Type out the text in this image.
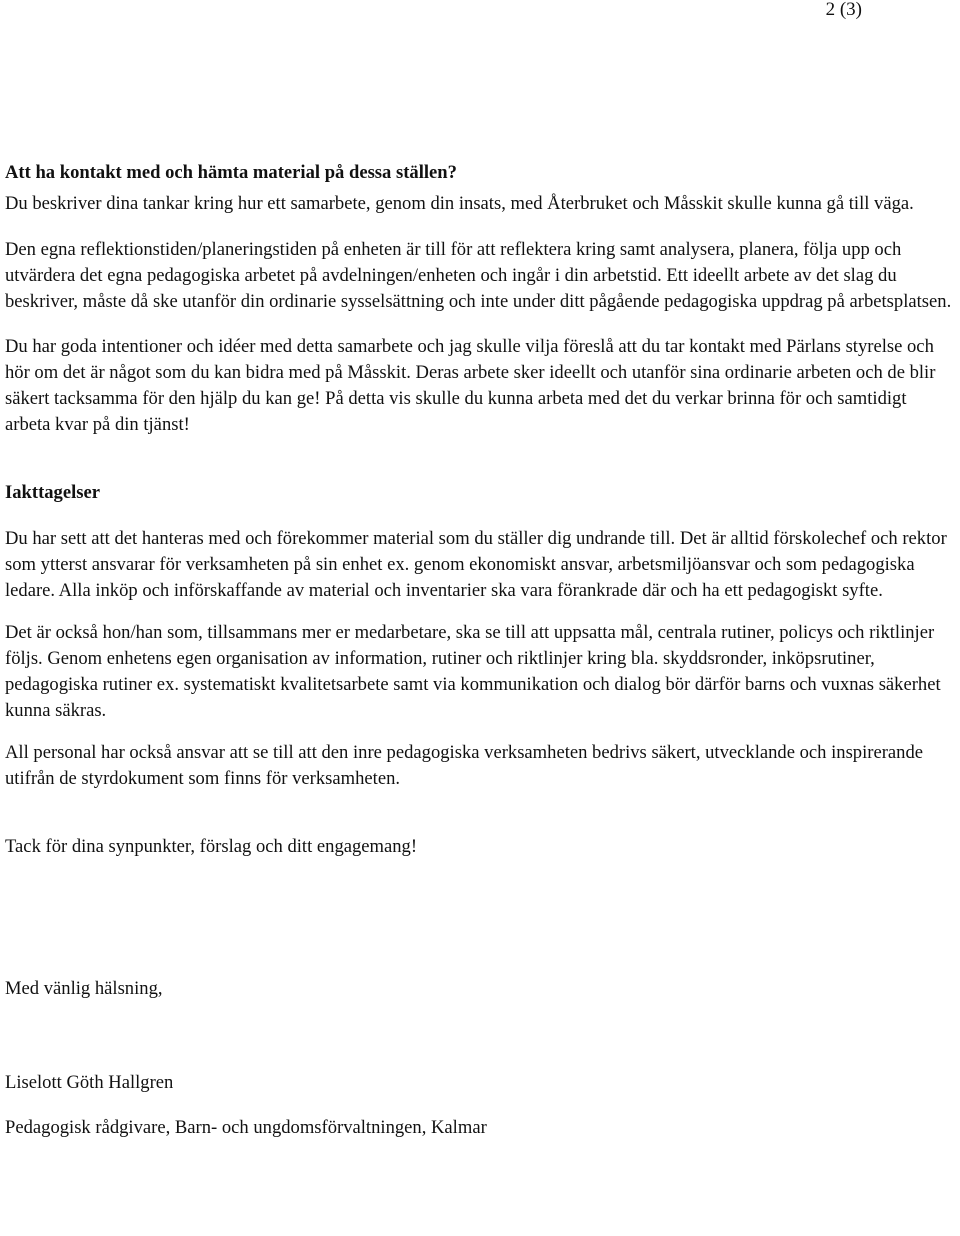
2 (3)

Att ha kontakt med och hämta material på dessa ställen?

Du beskriver dina tankar kring hur ett samarbete, genom din insats, med Återbruket och Måsskit skulle kunna gå till väga.

Den egna reflektionstiden/planeringstiden på enheten är till för att reflektera kring samt analysera, planera, följa upp och utvärdera det egna pedagogiska arbetet på avdelningen/enheten och ingår i din arbetstid. Ett ideellt arbete av det slag du beskriver, måste då ske utanför din ordinarie sysselsättning och inte under ditt pågående pedagogiska uppdrag på arbetsplatsen.

Du har goda intentioner och idéer med detta samarbete och jag skulle vilja föreslå att du tar kontakt med Pärlans styrelse och hör om det är något som du kan bidra med på Måsskit. Deras arbete sker ideellt och utanför sina ordinarie arbeten och de blir säkert tacksamma för den hjälp du kan ge! På detta vis skulle du kunna arbeta med det du verkar brinna för och samtidigt arbeta kvar på din tjänst!

Iakttagelser

Du har sett att det hanteras med och förekommer material som du ställer dig undrande till. Det är alltid förskolechef och rektor som ytterst ansvarar för verksamheten på sin enhet ex. genom ekonomiskt ansvar, arbetsmiljöansvar och som pedagogiska ledare. Alla inköp och införskaffande av material och inventarier ska vara förankrade där och ha ett pedagogiskt syfte.

Det är också hon/han som, tillsammans mer er medarbetare, ska se till att uppsatta mål, centrala rutiner, policys och riktlinjer följs. Genom enhetens egen organisation av information, rutiner och riktlinjer kring bla. skyddsronder, inköpsrutiner, pedagogiska rutiner ex. systematiskt kvalitetsarbete samt via kommunikation och dialog bör därför barns och vuxnas säkerhet kunna säkras.

All personal har också ansvar att se till att den inre pedagogiska verksamheten bedrivs säkert, utvecklande och inspirerande utifrån de styrdokument som finns för verksamheten.

Tack för dina synpunkter, förslag och ditt engagemang!

Med vänlig hälsning,

Liselott Göth Hallgren

Pedagogisk rådgivare, Barn- och ungdomsförvaltningen, Kalmar
